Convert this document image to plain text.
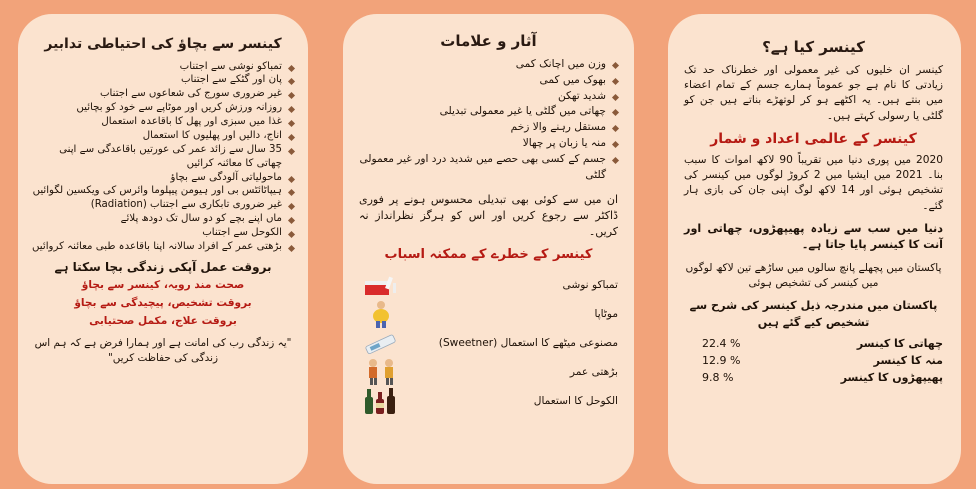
کینسر کیا ہے؟

کینسر ان خلیوں کی غیر معمولی اور خطرناک حد تک زیادتی کا نام ہے جو عموماً ہمارے جسم کے تمام اعضاء میں بنتے ہیں۔ یہ اکٹھے ہو کر لوتھڑے بناتے ہیں جن کو گلٹی یا رسولی کہتے ہیں۔

کینسر کے عالمی اعداد و شمار

2020 میں پوری دنیا میں تقریباً 90 لاکھ اموات کا سبب بنا۔ 2021 میں ایشیا میں 2 کروڑ لوگوں میں کینسر کی تشخیص ہوئی اور 14 لاکھ لوگ اپنی جان کی بازی ہار گئے۔

دنیا میں سب سے زیادہ پھیپھڑوں، چھاتی اور آنت کا کینسر پایا جاتا ہے۔

پاکستان میں پچھلے پانچ سالوں میں ساڑھے تین لاکھ لوگوں میں کینسر کی تشخیص ہوئی

پاکستان میں مندرجہ ذیل کینسر کی شرح سے تشخیص کیے گئے ہیں

چھاتی کا کینسر
22.4 %
منہ کا کینسر
12.9 %
پھیپھڑوں کا کینسر
9.8 %
آثار و علامات
وزن میں اچانک کمی
بھوک میں کمی
شدید تھکن
چھاتی میں گلٹی یا غیر معمولی تبدیلی
مستقل رہنے والا زخم
منہ یا زبان پر چھالا
جسم کے کسی بھی حصے میں شدید درد اور غیر معمولی گلٹی

ان میں سے کوئی بھی تبدیلی محسوس ہونے پر فوری ڈاکٹر سے رجوع کریں اور اس کو ہرگز نظرانداز نہ کریں۔

کینسر کے خطرے کے ممکنہ اسباب
تمباکو نوشی
موٹاپا
مصنوعی میٹھے کا استعمال (Sweetner)
بڑھتی عمر
الکوحل کا استعمال
کینسر سے بچاؤ کی احتیاطی تدابیر
تمباکو نوشی سے اجتناب
پان اور گٹکے سے اجتناب
غیر ضروری سورج کی شعاعوں سے اجتناب
روزانہ ورزش کریں اور موٹاپے سے خود کو بچائیں
غذا میں سبزی اور پھل کا باقاعدہ استعمال
اناج، دالیں اور پھلیوں کا استعمال
35 سال سے زائد عمر کی عورتیں باقاعدگی سے اپنی چھاتی کا معائنہ کرائیں
ماحولیاتی آلودگی سے بچاؤ
ہیپاٹائٹس بی اور ہیومن پیپلوما وائرس کی ویکسین لگوائیں
غیر ضروری تابکاری سے اجتناب (Radiation)
ماں اپنے بچے کو دو سال تک دودھ پلائے
الکوحل سے اجتناب
بڑھتی عمر کے افراد سالانہ اپنا باقاعدہ طبی معائنہ کروائیں
بروقت عمل آپکی زندگی بچا سکتا ہے
صحت مند رویہ، کینسر سے بچاؤ
بروقت تشخیص، پیچیدگی سے بچاؤ
بروقت علاج، مکمل صحتیابی
"یہ زندگی رب کی امانت ہے اور ہمارا فرض ہے کہ ہم اس زندگی کی حفاظت کریں"
